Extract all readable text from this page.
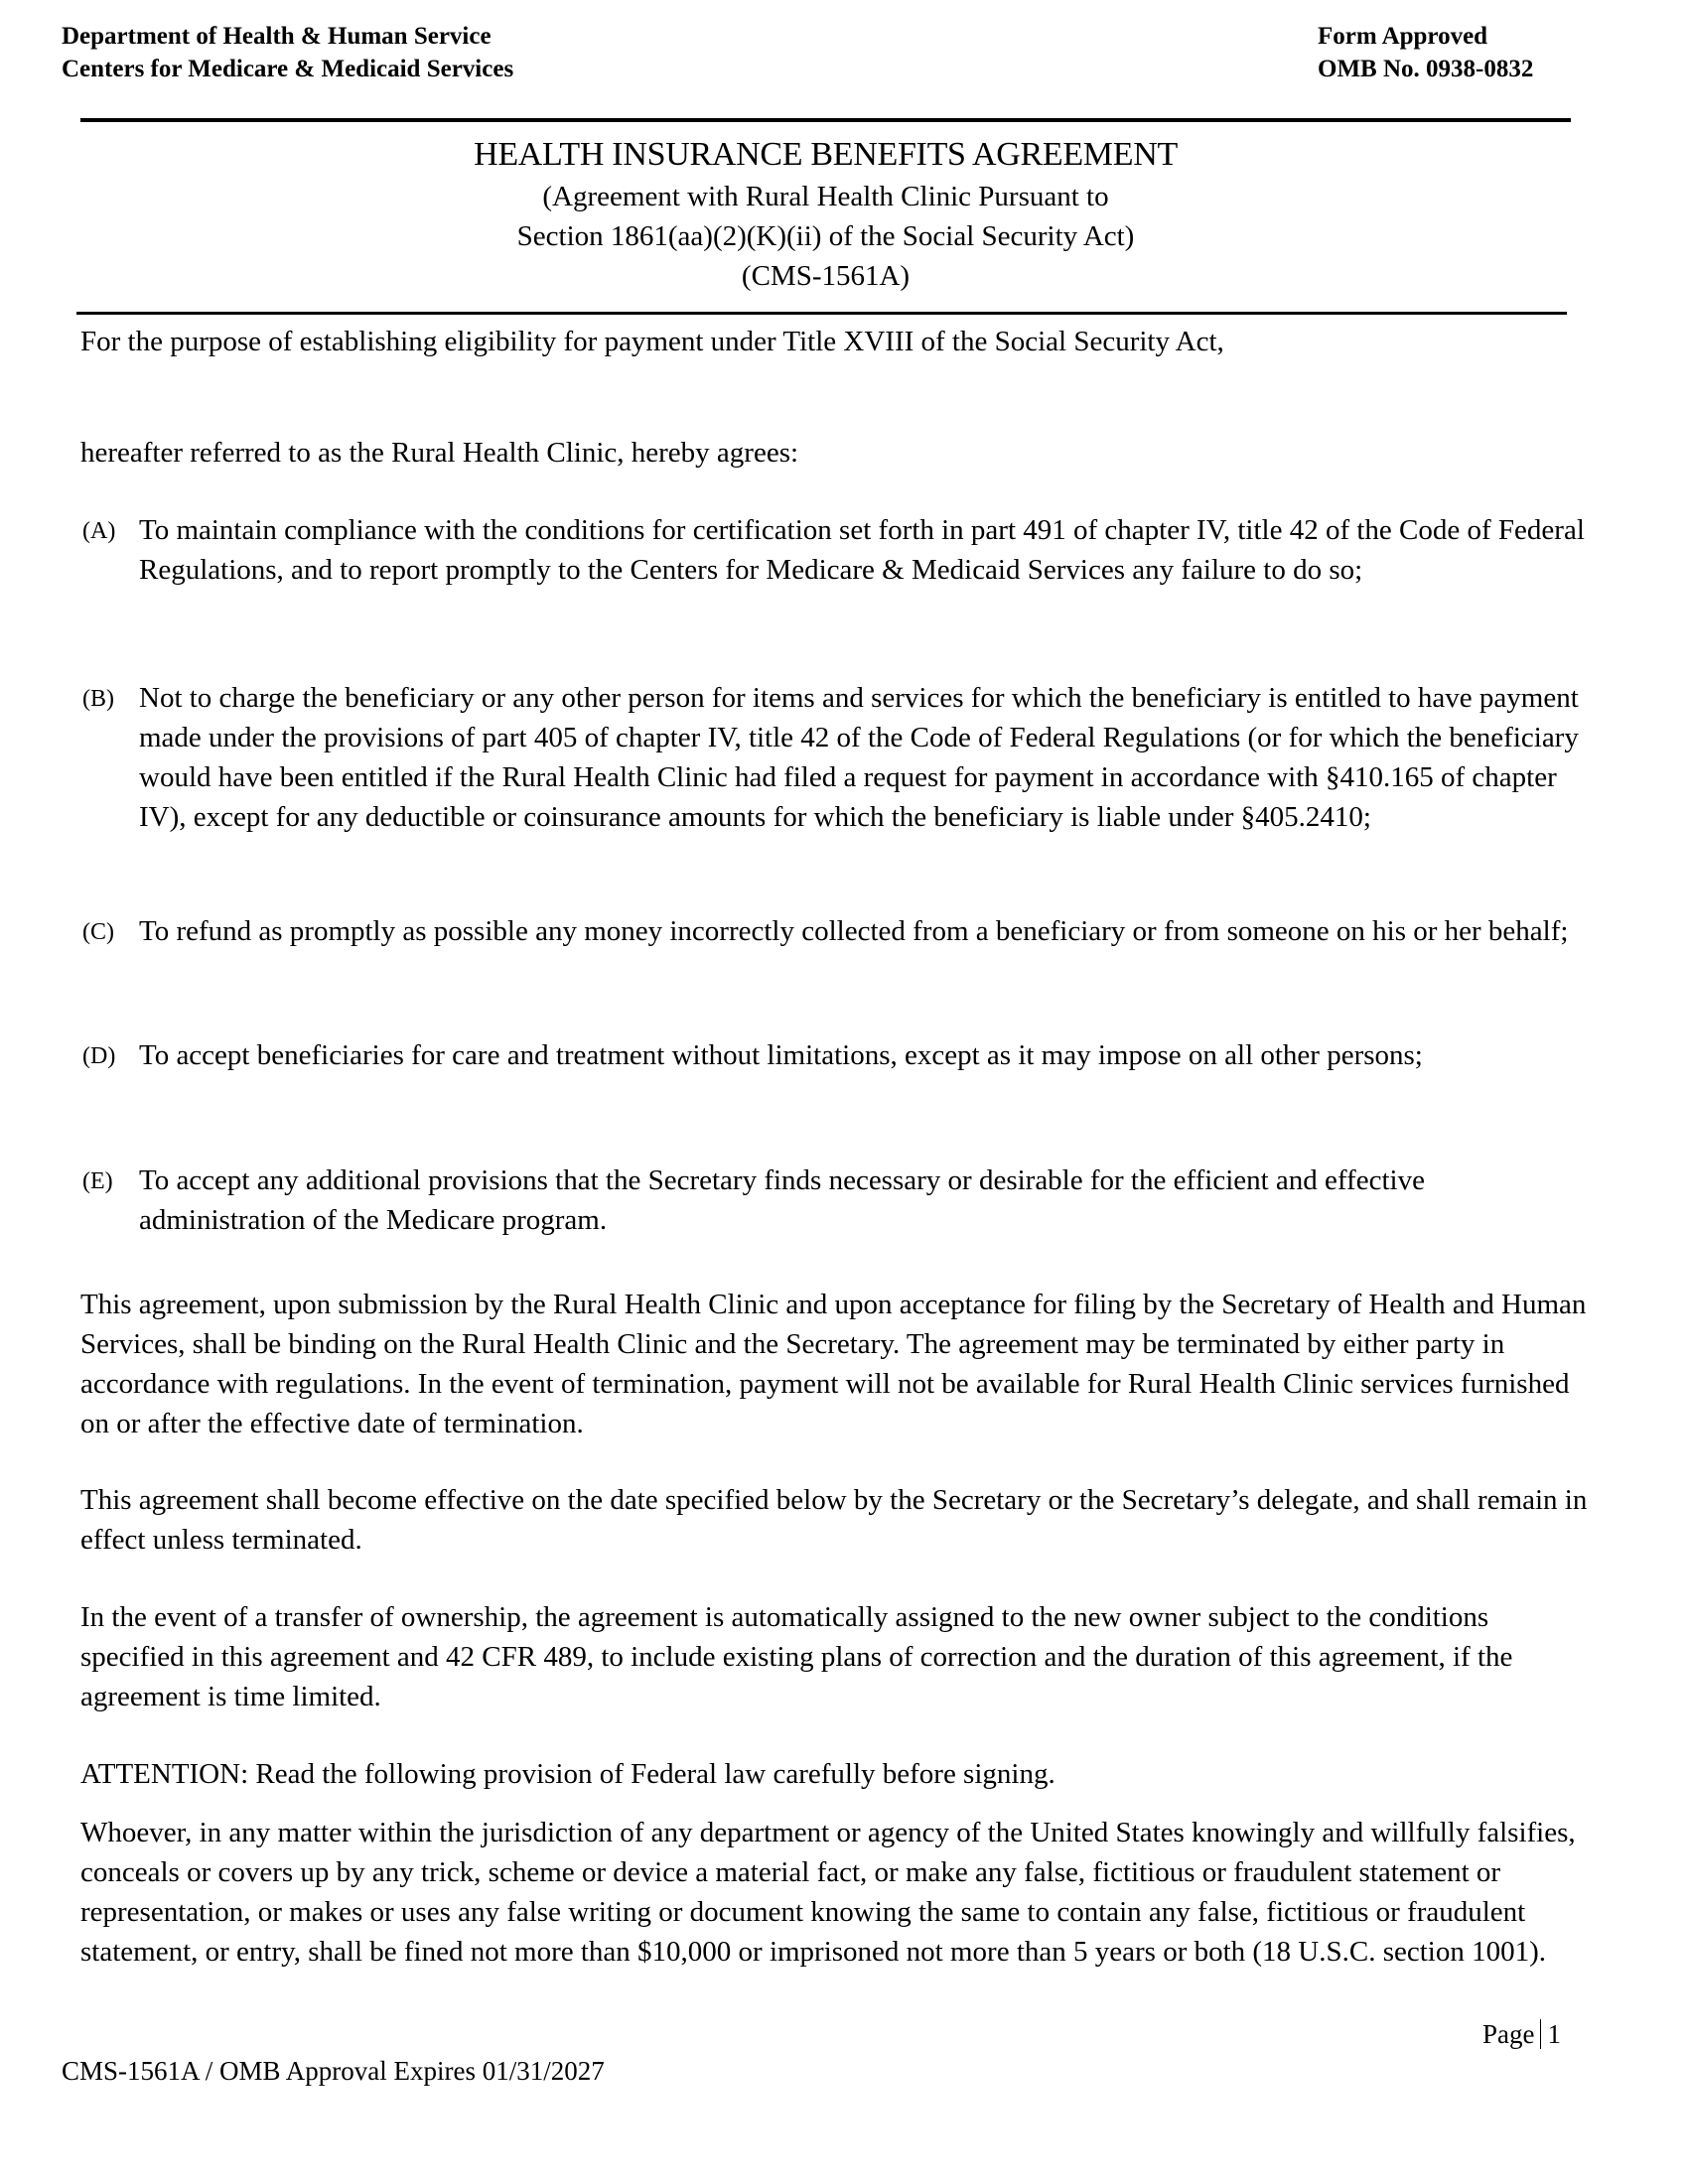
Department of Health & Human Service
Centers for Medicare & Medicaid Services
Form Approved
OMB No. 0938-0832
HEALTH INSURANCE BENEFITS AGREEMENT
(Agreement with Rural Health Clinic Pursuant to
Section 1861(aa)(2)(K)(ii) of the Social Security Act)
(CMS-1561A)
For the purpose of establishing eligibility for payment under Title XVIII of the Social Security Act,
hereafter referred to as the Rural Health Clinic, hereby agrees:
(A) To maintain compliance with the conditions for certification set forth in part 491 of chapter IV, title 42 of the Code of Federal Regulations, and to report promptly to the Centers for Medicare & Medicaid Services any failure to do so;
(B) Not to charge the beneficiary or any other person for items and services for which the beneficiary is entitled to have payment made under the provisions of part 405 of chapter IV, title 42 of the Code of Federal Regulations (or for which the beneficiary would have been entitled if the Rural Health Clinic had filed a request for payment in accordance with §410.165 of chapter IV), except for any deductible or coinsurance amounts for which the beneficiary is liable under §405.2410;
(C) To refund as promptly as possible any money incorrectly collected from a beneficiary or from someone on his or her behalf;
(D) To accept beneficiaries for care and treatment without limitations, except as it may impose on all other persons;
(E) To accept any additional provisions that the Secretary finds necessary or desirable for the efficient and effective administration of the Medicare program.
This agreement, upon submission by the Rural Health Clinic and upon acceptance for filing by the Secretary of Health and Human Services, shall be binding on the Rural Health Clinic and the Secretary. The agreement may be terminated by either party in accordance with regulations. In the event of termination, payment will not be available for Rural Health Clinic services furnished on or after the effective date of termination.
This agreement shall become effective on the date specified below by the Secretary or the Secretary’s delegate, and shall remain in effect unless terminated.
In the event of a transfer of ownership, the agreement is automatically assigned to the new owner subject to the conditions specified in this agreement and 42 CFR 489, to include existing plans of correction and the duration of this agreement, if the agreement is time limited.
ATTENTION: Read the following provision of Federal law carefully before signing.
Whoever, in any matter within the jurisdiction of any department or agency of the United States knowingly and willfully falsifies, conceals or covers up by any trick, scheme or device a material fact, or make any false, fictitious or fraudulent statement or representation, or makes or uses any false writing or document knowing the same to contain any false, fictitious or fraudulent statement, or entry, shall be fined not more than $10,000 or imprisoned not more than 5 years or both (18 U.S.C. section 1001).
Page 1
CMS-1561A / OMB Approval Expires 01/31/2027
